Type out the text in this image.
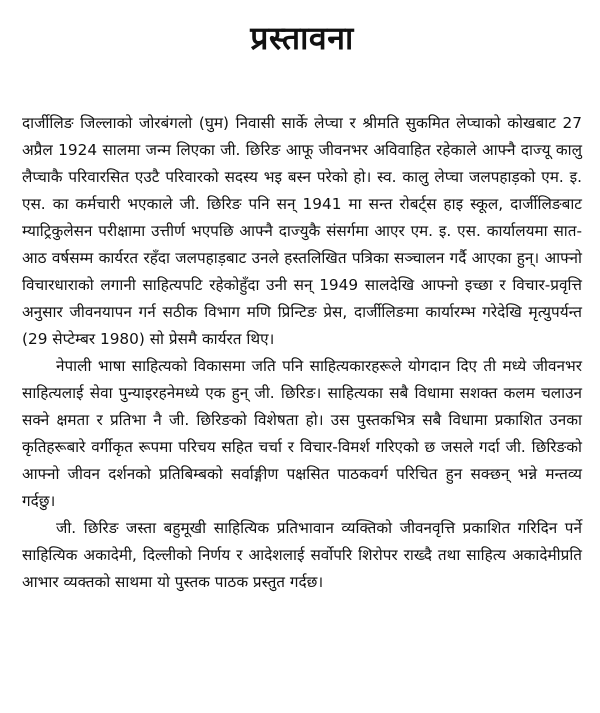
प्रस्तावना

दार्जीलिङ जिल्लाको जोरबंगलो (घुम) निवासी सार्के लेप्चा र श्रीमति सुकमित लेप्चाको कोखबाट 27 अप्रैल 1924 सालमा जन्म लिएका जी. छिरिङ आफू जीवनभर अविवाहित रहेकाले आफ्नै दाज्यू कालु लैप्चाकै परिवारसित एउटै परिवारको सदस्य भइ बस्न परेको हो। स्व. कालु लेप्चा जलपहाड़को एम. इ. एस. का कर्मचारी भएकाले जी. छिरिङ पनि सन् 1941 मा सन्त रोबर्ट्स हाइ स्कूल, दार्जीलिङबाट म्याट्रिकुलेसन परीक्षामा उत्तीर्ण भएपछि आफ्नै दाज्युकै संसर्गमा आएर एम. इ. एस. कार्यालयमा सात-आठ वर्षसम्म कार्यरत रहँदा जलपहाड़बाट उनले हस्तलिखित पत्रिका सञ्चालन गर्दै आएका हुन्। आफ्नो विचारधाराको लगानी साहित्यपटि रहेकोहुँदा उनी सन् 1949 सालदेखि आफ्नो इच्छा र विचार-प्रवृत्ति अनुसार जीवनयापन गर्न सठीक विभाग मणि प्रिन्टिङ प्रेस, दार्जीलिङमा कार्यारम्भ गरेदेखि मृत्युपर्यन्त (29 सेप्टेम्बर 1980) सो प्रेसमै कार्यरत थिए।

नेपाली भाषा साहित्यको विकासमा जति पनि साहित्यकारहरूले योगदान दिए ती मध्ये जीवनभर साहित्यलाई सेवा पुन्याइरहनेमध्ये एक हुन् जी. छिरिङ। साहित्यका सबै विधामा सशक्त कलम चलाउन सक्ने क्षमता र प्रतिभा नै जी. छिरिङको विशेषता हो। उस पुस्तकभित्र सबै विधामा प्रकाशित उनका कृतिहरूबारे वर्गीकृत रूपमा परिचय सहित चर्चा र विचार-विमर्श गरिएको छ जसले गर्दा जी. छिरिङको आफ्नो जीवन दर्शनको प्रतिबिम्बको सर्वाङ्गीण पक्षसित पाठकवर्ग परिचित हुन सक्छन् भन्ने मन्तव्य गर्दछु।

जी. छिरिङ जस्ता बहुमूखी साहित्यिक प्रतिभावान व्यक्तिको जीवनवृत्ति प्रकाशित गरिदिन पर्ने साहित्यिक अकादेमी, दिल्लीको निर्णय र आदेशलाई सर्वोपरि शिरोपर राख्दै तथा साहित्य अकादेमीप्रति आभार व्यक्तको साथमा यो पुस्तक पाठक प्रस्तुत गर्दछ।
